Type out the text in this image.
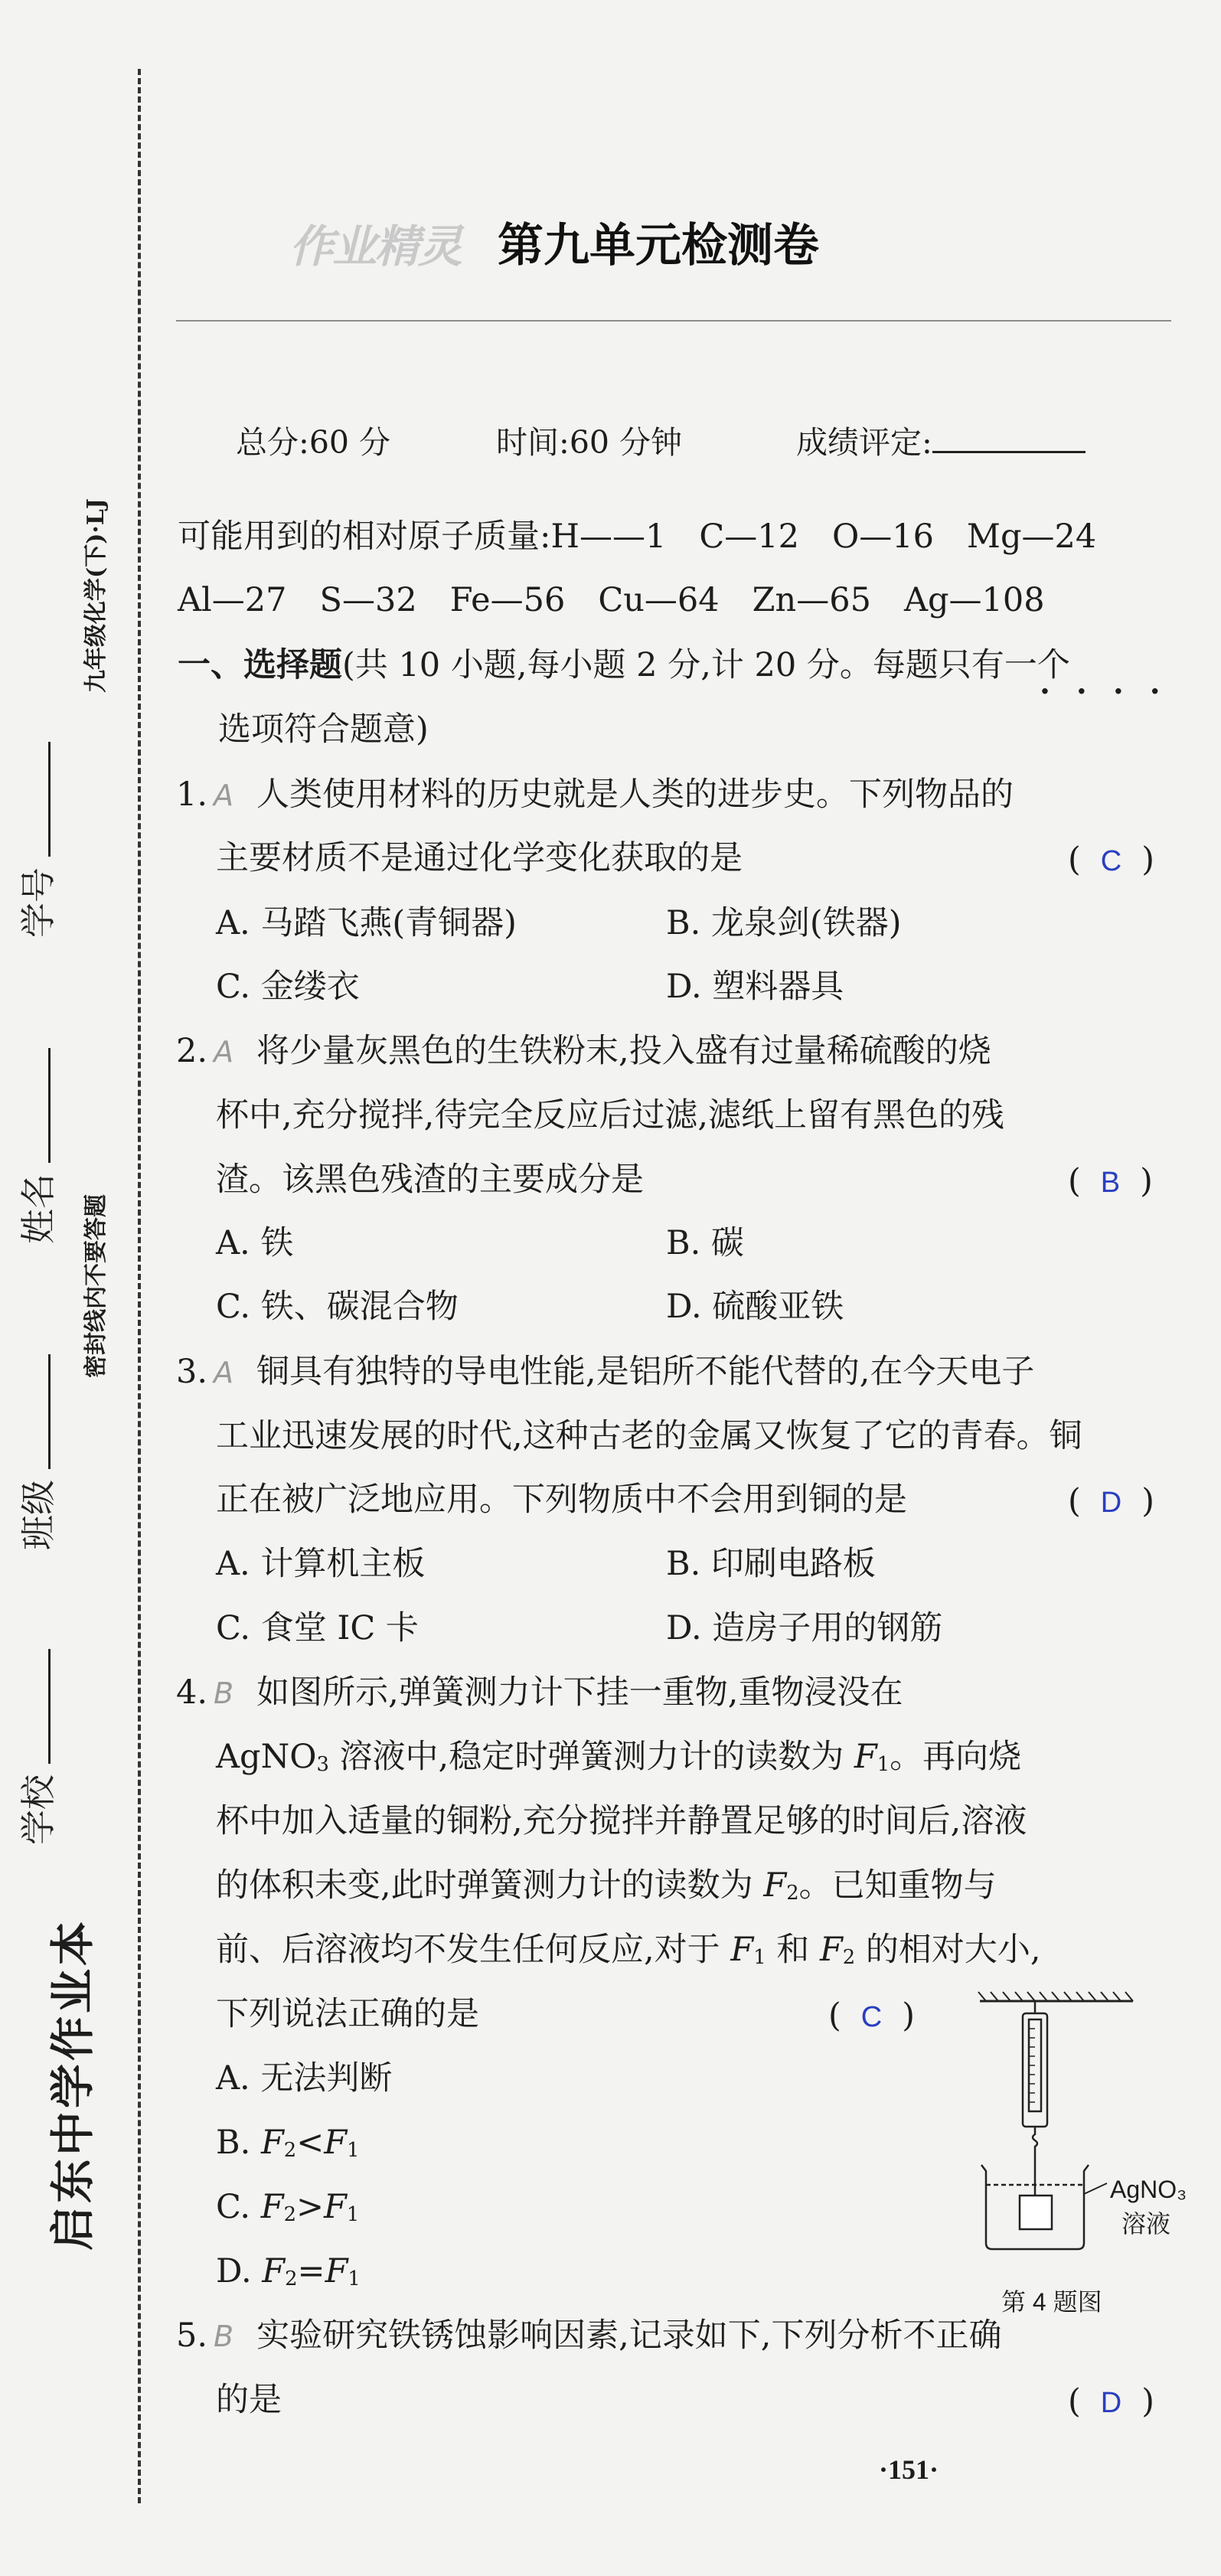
学校
班级
姓名
学号
密封线内不要答题
九年级化学(下)·LJ
启东中学作业本
作业精灵 第九单元检测卷
总分:60 分	时间:60 分钟	成绩评定:
可能用到的相对原子质量:H——1　C—12　O—16　Mg—24
Al—27　S—32　Fe—56　Cu—64　Zn—65　Ag—108
一、选择题(共 10 小题,每小题 2 分,计 20 分。每题只有一个
····
选项符合题意)
1. A 人类使用材料的历史就是人类的进步史。下列物品的
主要材质不是通过化学变化获取的是	( C )
A. 马踏飞燕(青铜器)	B. 龙泉剑(铁器)
C. 金缕衣	D. 塑料器具
2. A 将少量灰黑色的生铁粉末,投入盛有过量稀硫酸的烧
杯中,充分搅拌,待完全反应后过滤,滤纸上留有黑色的残
渣。该黑色残渣的主要成分是	( B )
A. 铁	B. 碳
C. 铁、碳混合物	D. 硫酸亚铁
3. A 铜具有独特的导电性能,是铝所不能代替的,在今天电子
工业迅速发展的时代,这种古老的金属又恢复了它的青春。铜
正在被广泛地应用。下列物质中不会用到铜的是	( D )
A. 计算机主板	B. 印刷电路板
C. 食堂 IC 卡	D. 造房子用的钢筋
4. B 如图所示,弹簧测力计下挂一重物,重物浸没在
AgNO$_3$ 溶液中,稳定时弹簧测力计的读数为 $F_1$。再向烧
杯中加入适量的铜粉,充分搅拌并静置足够的时间后,溶液
的体积未变,此时弹簧测力计的读数为 $F_2$。已知重物与
前、后溶液均不发生任何反应,对于 $F_1$ 和 $F_2$ 的相对大小,
下列说法正确的是	( C )
A. 无法判断
B. $F_2<F_1$
C. $F_2>F_1$
D. $F_2=F_1$
AgNO₃
溶液
第 4 题图
5. B 实验研究铁锈蚀影响因素,记录如下,下列分析不正确
的是	( D )
·151·
